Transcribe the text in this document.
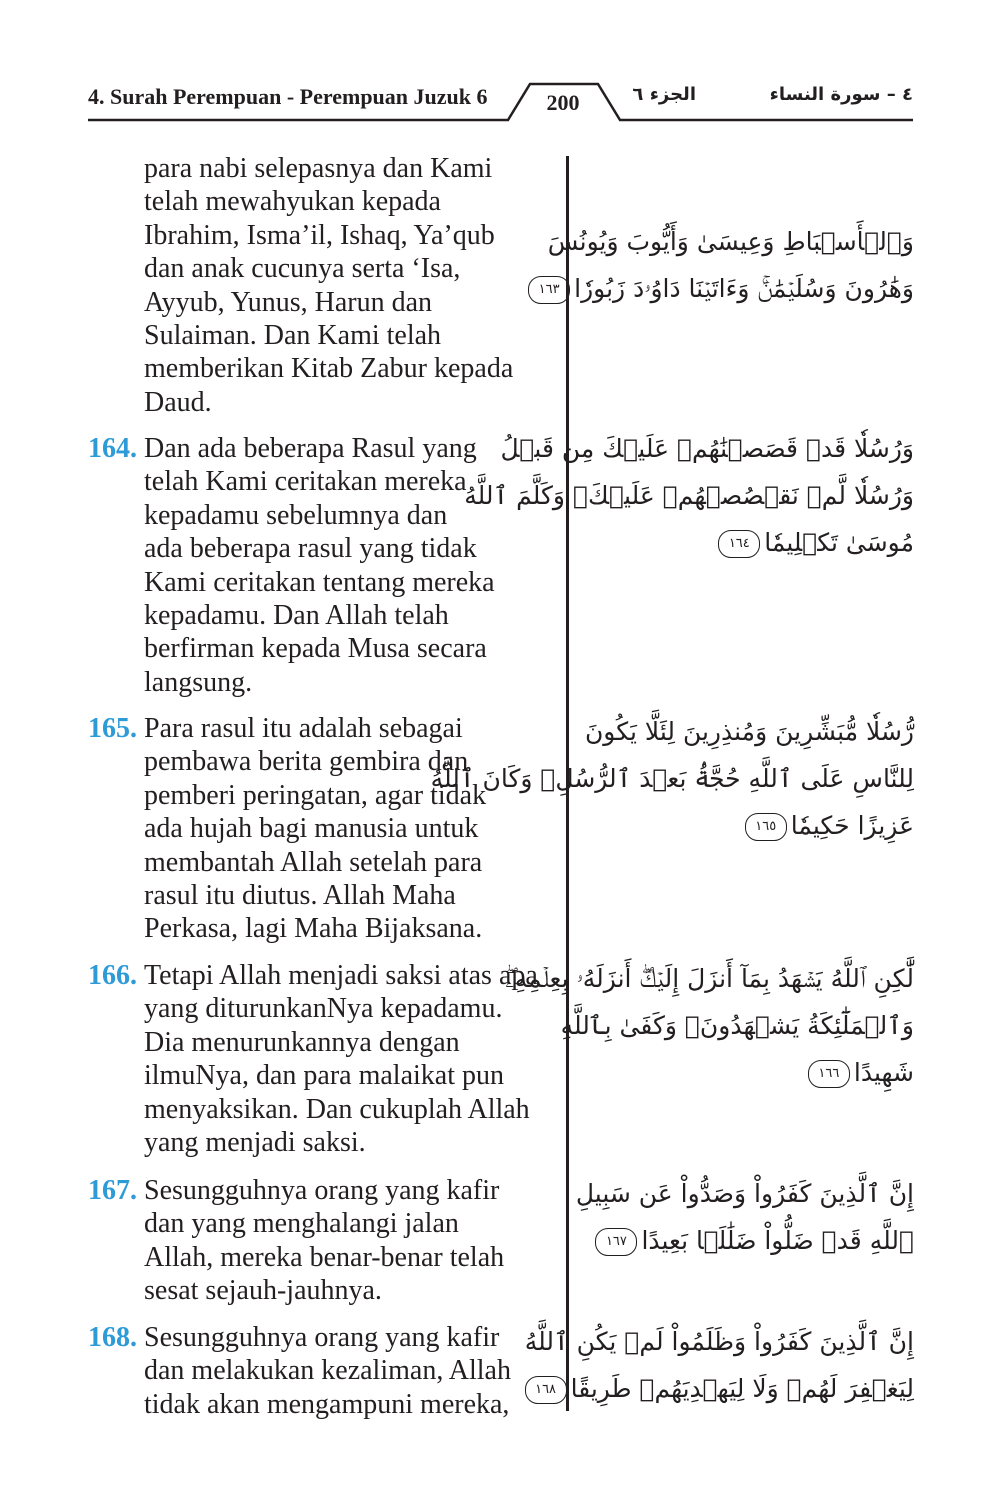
4. Surah Perempuan - Perempuan Juzuk 6	200	الجزء ٦	٤ – سورة النساء
para nabi selepasnya dan Kami
telah mewahyukan kepada
Ibrahim, Isma’il, Ishaq, Ya’qub
dan anak cucunya serta ‘Isa,
Ayyub, Yunus, Harun dan
Sulaiman. Dan Kami telah
memberikan Kitab Zabur kepada
Daud.
وَٱلۡأَسۡبَاطِ وَعِيسَىٰ وَأَيُّوبَ وَيُونُسَ
وَهَٰرُونَ وَسُلَيۡمَٰنَۚ وَءَاتَيۡنَا دَاوُۥدَ زَبُورٗا١٦٣
164. Dan ada beberapa Rasul yang
telah Kami ceritakan mereka
kepadamu sebelumnya dan
ada beberapa rasul yang tidak
Kami ceritakan tentang mereka
kepadamu. Dan Allah telah
berfirman kepada Musa secara
langsung.
وَرُسُلٗا قَدۡ قَصَصۡنَٰهُمۡ عَلَيۡكَ مِن قَبۡلُ
وَرُسُلٗا لَّمۡ نَقۡصُصۡهُمۡ عَلَيۡكَۚ وَكَلَّمَ ٱللَّهُ
مُوسَىٰ تَكۡلِيمٗا١٦٤
165. Para rasul itu adalah sebagai
pembawa berita gembira dan
pemberi peringatan, agar tidak
ada hujah bagi manusia untuk
membantah Allah setelah para
rasul itu diutus. Allah Maha
Perkasa, lagi Maha Bijaksana.
رُّسُلٗا مُّبَشِّرِينَ وَمُنذِرِينَ لِئَلَّا يَكُونَ
لِلنَّاسِ عَلَى ٱللَّهِ حُجَّةُۢ بَعۡدَ ٱلرُّسُلِۚ وَكَانَ ٱللَّهُ
عَزِيزًا حَكِيمٗا١٦٥
166. Tetapi Allah menjadi saksi atas apa
yang diturunkanNya kepadamu.
Dia menurunkannya dengan
ilmuNya, dan para malaikat pun
menyaksikan. Dan cukuplah Allah
yang menjadi saksi.
لَّٰكِنِ ٱللَّهُ يَشۡهَدُ بِمَآ أَنزَلَ إِلَيۡكَۖ أَنزَلَهُۥ بِعِلۡمِهِۦۖ
وَٱلۡمَلَٰٓئِكَةُ يَشۡهَدُونَۚ وَكَفَىٰ بِٱللَّهِ
شَهِيدًا١٦٦
167. Sesungguhnya orang yang kafir
dan yang menghalangi jalan
Allah, mereka benar-benar telah
sesat sejauh-jauhnya.
إِنَّ ٱلَّذِينَ كَفَرُواْ وَصَدُّواْ عَن سَبِيلِ
ٱللَّهِ قَدۡ ضَلُّواْ ضَلَٰلَۢا بَعِيدًا١٦٧
168. Sesungguhnya orang yang kafir
dan melakukan kezaliman, Allah
tidak akan mengampuni mereka,
إِنَّ ٱلَّذِينَ كَفَرُواْ وَظَلَمُواْ لَمۡ يَكُنِ ٱللَّهُ
لِيَغۡفِرَ لَهُمۡ وَلَا لِيَهۡدِيَهُمۡ طَرِيقًا١٦٨
